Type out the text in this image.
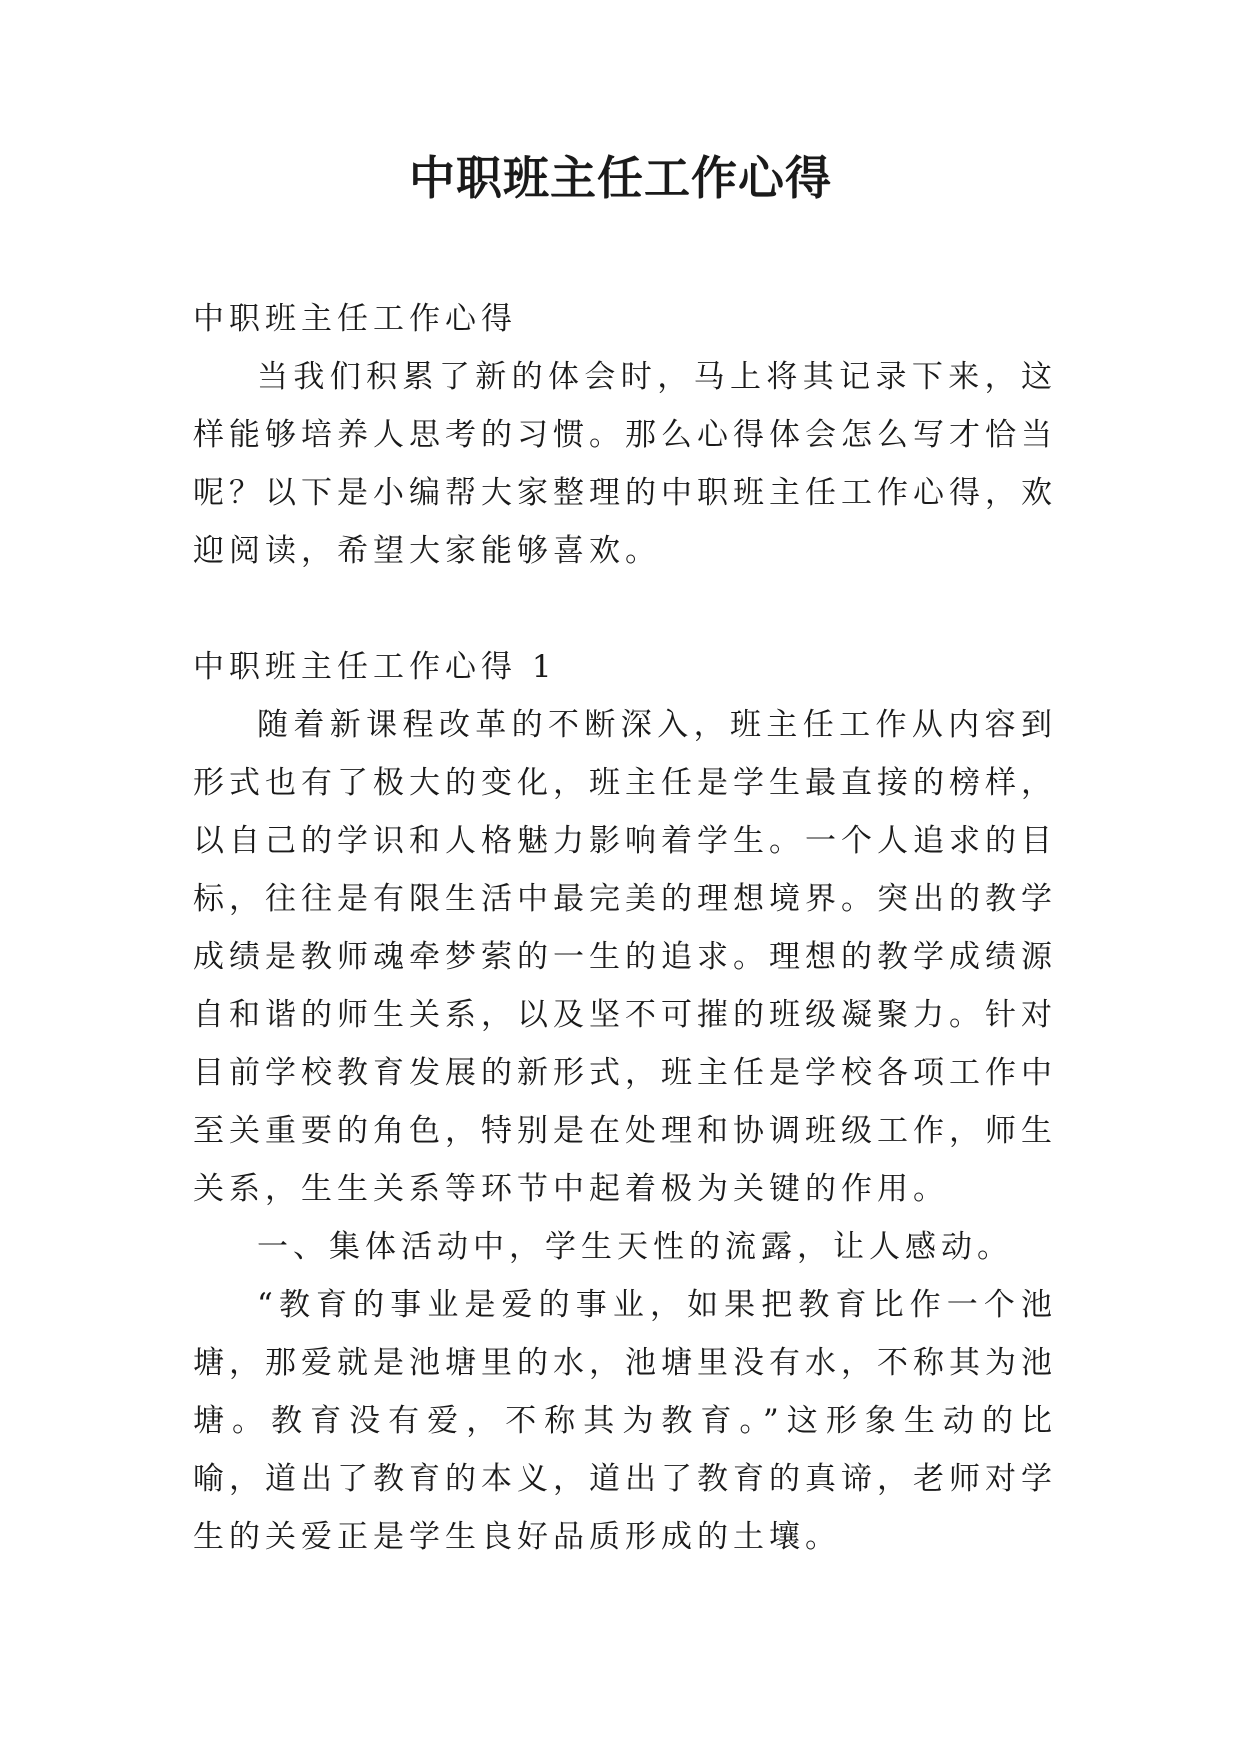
中职班主任工作心得

中职班主任工作心得

当我们积累了新的体会时，马上将其记录下来，这样能够培养人思考的习惯。那么心得体会怎么写才恰当呢？以下是小编帮大家整理的中职班主任工作心得，欢迎阅读，希望大家能够喜欢。

中职班主任工作心得 1

随着新课程改革的不断深入，班主任工作从内容到形式也有了极大的变化，班主任是学生最直接的榜样，以自己的学识和人格魅力影响着学生。一个人追求的目标，往往是有限生活中最完美的理想境界。突出的教学成绩是教师魂牵梦萦的一生的追求。理想的教学成绩源自和谐的师生关系，以及坚不可摧的班级凝聚力。针对目前学校教育发展的新形式，班主任是学校各项工作中至关重要的角色，特别是在处理和协调班级工作，师生关系，生生关系等环节中起着极为关键的作用。

一、集体活动中，学生天性的流露，让人感动。

“教育的事业是爱的事业，如果把教育比作一个池塘，那爱就是池塘里的水，池塘里没有水，不称其为池塘。教育没有爱，不称其为教育。”这形象生动的比喻，道出了教育的本义，道出了教育的真谛，老师对学生的关爱正是学生良好品质形成的土壤。
